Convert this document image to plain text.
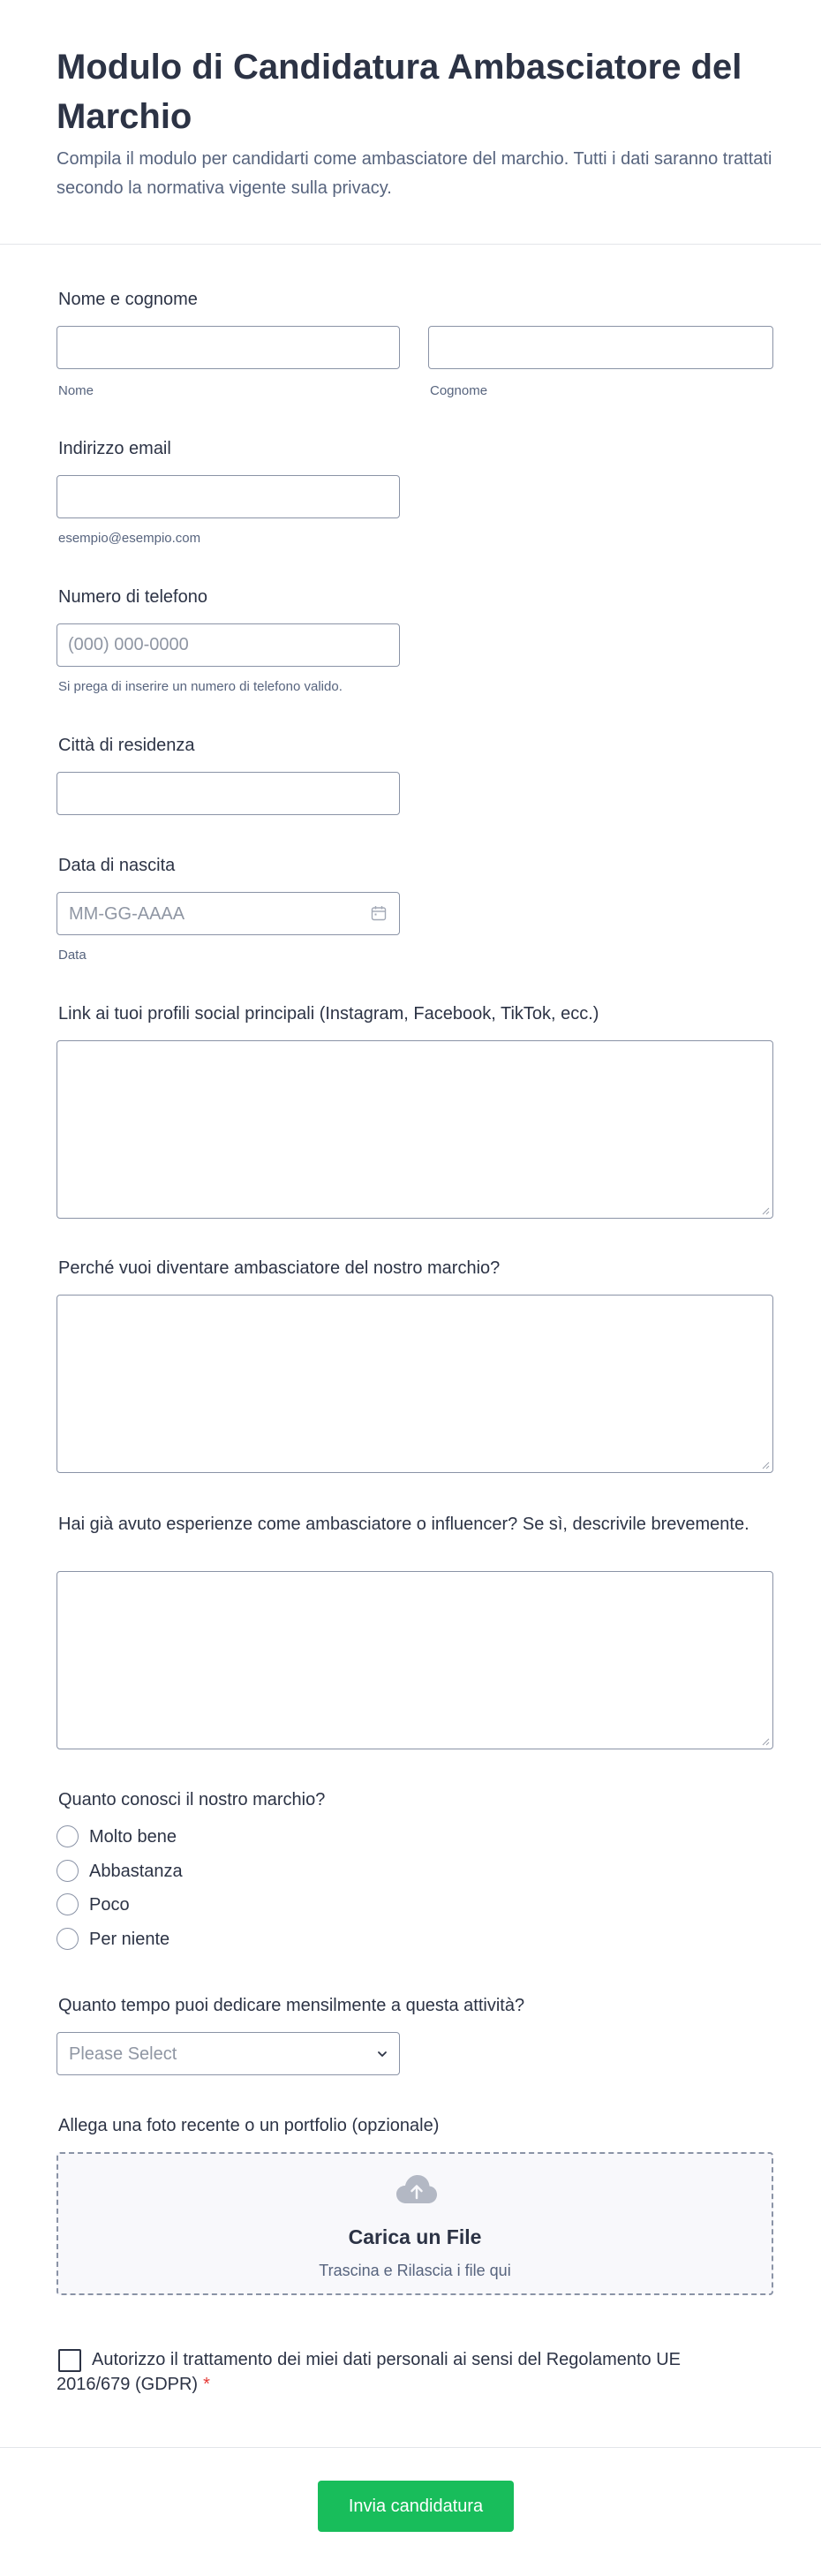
Modulo di Candidatura Ambasciatore del Marchio

Compila il modulo per candidarti come ambasciatore del marchio. Tutti i dati saranno trattati secondo la normativa vigente sulla privacy.

Nome e cognome
Nome	Cognome
Indirizzo email
esempio@esempio.com
Numero di telefono
(000) 000-0000
Si prega di inserire un numero di telefono valido.
Città di residenza
Data di nascita
MM-GG-AAAA
Data
Link ai tuoi profili social principali (Instagram, Facebook, TikTok, ecc.)
Perché vuoi diventare ambasciatore del nostro marchio?
Hai già avuto esperienze come ambasciatore o influencer? Se sì, descrivile brevemente.
Quanto conosci il nostro marchio?
Molto bene
Abbastanza
Poco
Per niente
Quanto tempo puoi dedicare mensilmente a questa attività?
Please Select
Allega una foto recente o un portfolio (opzionale)
Carica un File
Trascina e Rilascia i file qui
Autorizzo il trattamento dei miei dati personali ai sensi del Regolamento UE 2016/679 (GDPR) *
Invia candidatura
